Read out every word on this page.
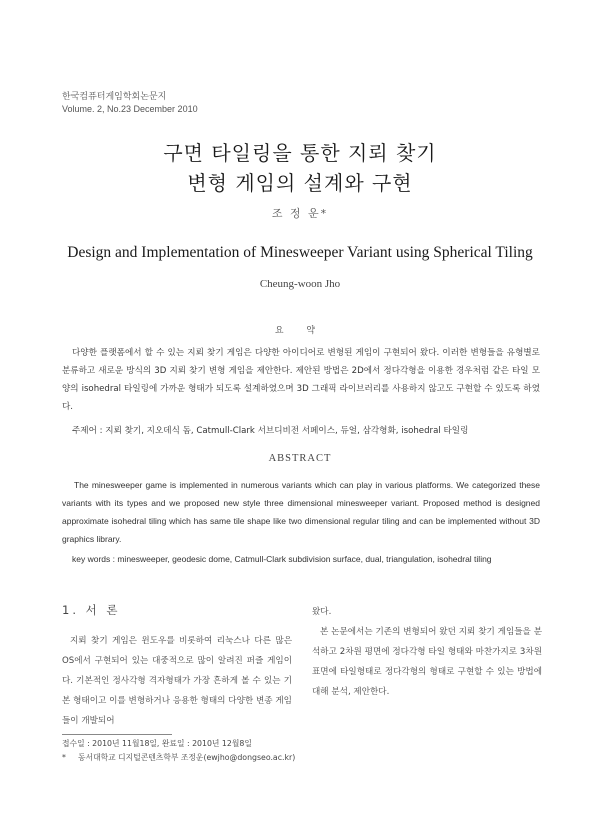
한국컴퓨터게임학회논문지
Volume. 2, No.23 December 2010
구면 타일링을 통한 지뢰 찾기
변형 게임의 설계와 구현
조 정 운*
Design and Implementation of Minesweeper Variant using Spherical Tiling
Cheung-woon Jho
요 약

다양한 플랫폼에서 할 수 있는 지뢰 찾기 게임은 다양한 아이디어로 변형된 게임이 구현되어 왔다. 이러한 변형들을 유형별로 분류하고 새로운 방식의 3D 지뢰 찾기 변형 게임을 제안한다. 제안된 방법은 2D에서 정다각형을 이용한 경우처럼 같은 타일 모양의 isohedral 타일링에 가까운 형태가 되도록 설계하였으며 3D 그래픽 라이브러리를 사용하지 않고도 구현할 수 있도록 하였다.

주제어 : 지뢰 찾기, 지오데식 돔, Catmull-Clark 서브디비전 서페이스, 듀얼, 삼각형화, isohedral 타일링
ABSTRACT

The minesweeper game is implemented in numerous variants which can play in various platforms. We categorized these variants with its types and we proposed new style three dimensional minesweeper variant. Proposed method is designed approximate isohedral tiling which has same tile shape like two dimensional regular tiling and can be implemented without 3D graphics library.

key words : minesweeper, geodesic dome, Catmull-Clark subdivision surface, dual, triangulation, isohedral tiling
1. 서 론

지뢰 찾기 게임은 윈도우를 비롯하여 리눅스나 다른 많은 OS에서 구현되어 있는 대중적으로 많이 알려진 퍼즐 게임이다. 기본적인 정사각형 격자형태가 가장 흔하게 볼 수 있는 기본 형태이고 이를 변형하거나 응용한 형태의 다양한 변종 게임들이 개발되어

왔다.

본 논문에서는 기존의 변형되어 왔던 지뢰 찾기 게임들을 분석하고 2차원 평면에 정다각형 타일 형태와 마찬가지로 3차원 표면에 타일형태로 정다각형의 형태로 구현할 수 있는 방법에 대해 분석, 제안한다.

접수일 : 2010년 11월18일, 완료일 : 2010년 12월8일
* 동서대학교 디지털콘텐츠학부 조정운(ewjho@dongseo.ac.kr)
